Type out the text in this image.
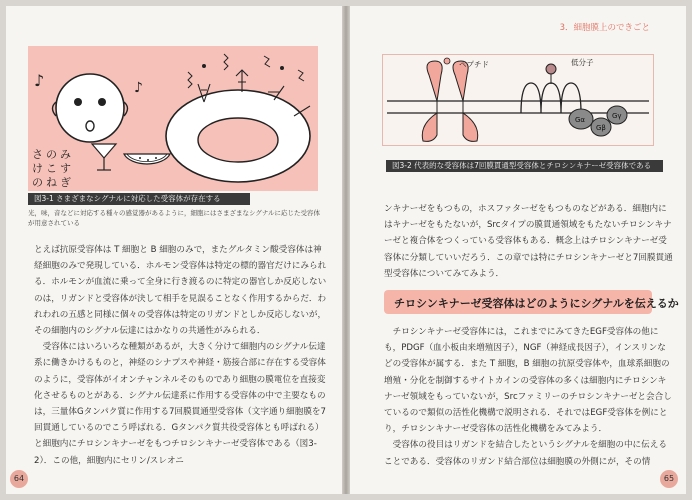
♪	♪
さ の み
け こ す
の ね ぎ
図3-1 さまざまなシグナルに対応した受容体が存在する
光，味，音などに対応する種々の感覚器があるように，細胞にはさまざまなシグナルに応じた受容体が用意されている
とえば抗原受容体は T 細胞と B 細胞のみで，またグルタミン酸受容体は神経細胞のみで発現している．ホルモン受容体は特定の標的器官だけにみられる．ホルモンが血流に乗って全身に行き渡るのに特定の器官しか反応しないのは，リガンドと受容体が決して相手を見誤ることなく作用するからだ．われわれの五感と同様に個々の受容体は特定のリガンドとしか反応しないが，その細胞内のシグナル伝達にはかなりの共通性がみられる．
受容体にはいろいろな種類があるが，大きく分けて細胞内のシグナル伝達系に働きかけるものと，神経のシナプスや神経・筋接合部に存在する受容体のように，受容体がイオンチャンネルそのものであり細胞の膜電位を直接変化させるものとがある．シグナル伝達系に作用する受容体の中で主要なものは，三量体Gタンパク質に作用する7回膜貫通型受容体（文字通り細胞膜を7回貫通しているのでこう呼ばれる．Gタンパク質共役受容体とも呼ばれる）と細胞内にチロシンキナーゼをもつチロシンキナーゼ受容体である（図3-2）．この他，細胞内にセリン/スレオニ
64
3．細胞膜上のできごと
ペプチド	低分子
Gα
Gβ
Gγ
図3-2 代表的な受容体は7回膜貫通型受容体とチロシンキナーゼ受容体である
ンキナーゼをもつもの，ホスファターゼをもつものなどがある．細胞内にはキナーゼをもたないが，Srcタイプの膜貫通領域をもたないチロシンキナーゼと複合体をつくっている受容体もある．概念上はチロシンキナーゼ受容体に分類していいだろう．この章では特にチロシンキナーゼと7回膜貫通型受容体についてみてみよう．
チロシンキナーゼ受容体はどのようにシグナルを伝えるか
チロシンキナーゼ受容体には，これまでにみてきたEGF受容体の他にも，PDGF（血小板由来増殖因子），NGF（神経成長因子），インスリンなどの受容体が属する．また T 細胞，B 細胞の抗原受容体や，血球系細胞の増殖・分化を制御するサイトカインの受容体の多くは細胞内にチロシンキナーゼ領域をもっていないが，Srcファミリーのチロシンキナーゼと会合しているので類似の活性化機構で説明される．それではEGF受容体を例にとり，チロシンキナーゼ受容体の活性化機構をみてみよう．
受容体の役目はリガンドを結合したというシグナルを細胞の中に伝えることである．受容体のリガンド結合部位は細胞膜の外側にが，その情
65
